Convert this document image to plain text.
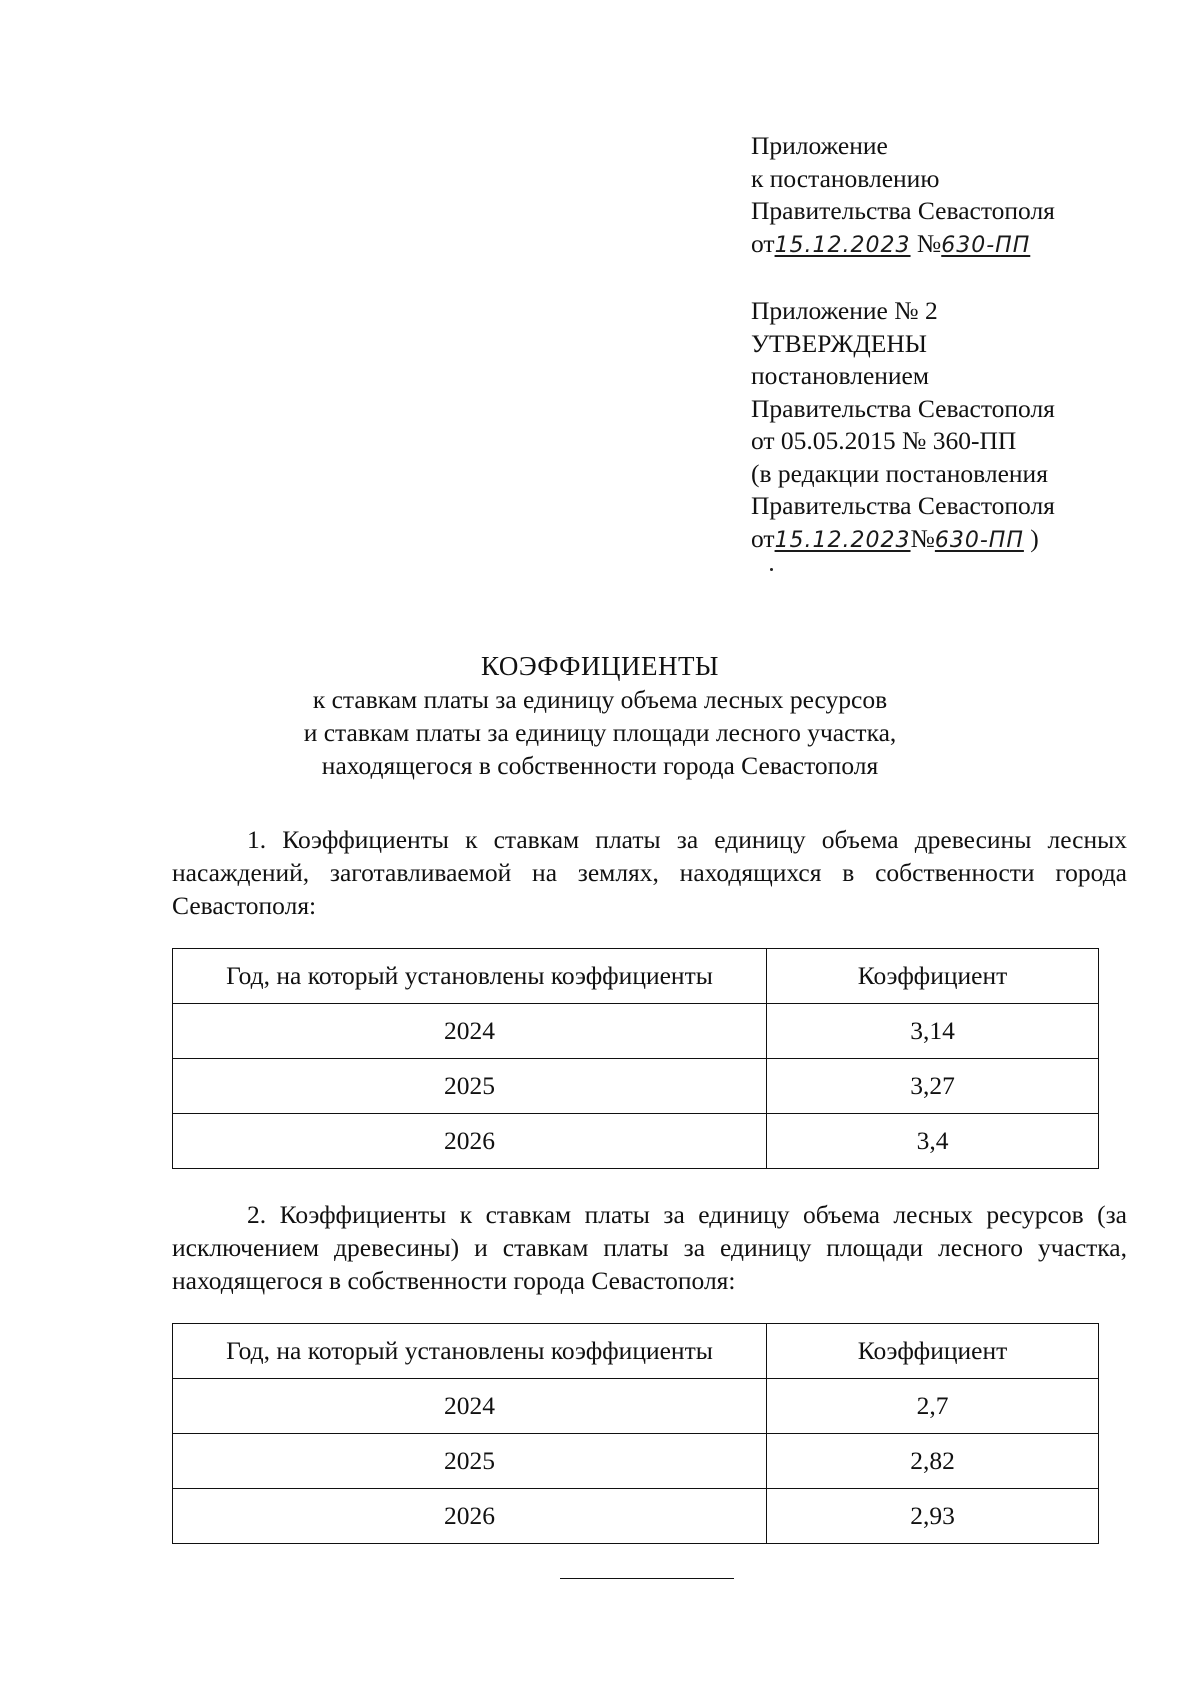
Приложение
к постановлению
Правительства Севастополя
от15.12.2023 №630-ПП
Приложение № 2
УТВЕРЖДЕНЫ
постановлением
Правительства Севастополя
от 05.05.2015 № 360-ПП
(в редакции постановления
Правительства Севастополя
от15.12.2023№630-ПП )
КОЭФФИЦИЕНТЫ
к ставкам платы за единицу объема лесных ресурсов
и ставкам платы за единицу площади лесного участка,
находящегося в собственности города Севастополя
1. Коэффициенты к ставкам платы за единицу объема древесины лесных насаждений, заготавливаемой на землях, находящихся в собственности города Севастополя:
Год, на который установлены коэффициенты	Коэффициент
2024	3,14
2025	3,27
2026	3,4
2. Коэффициенты к ставкам платы за единицу объема лесных ресурсов (за исключением древесины) и ставкам платы за единицу площади лесного участка, находящегося в собственности города Севастополя:
Год, на который установлены коэффициенты	Коэффициент
2024	2,7
2025	2,82
2026	2,93
